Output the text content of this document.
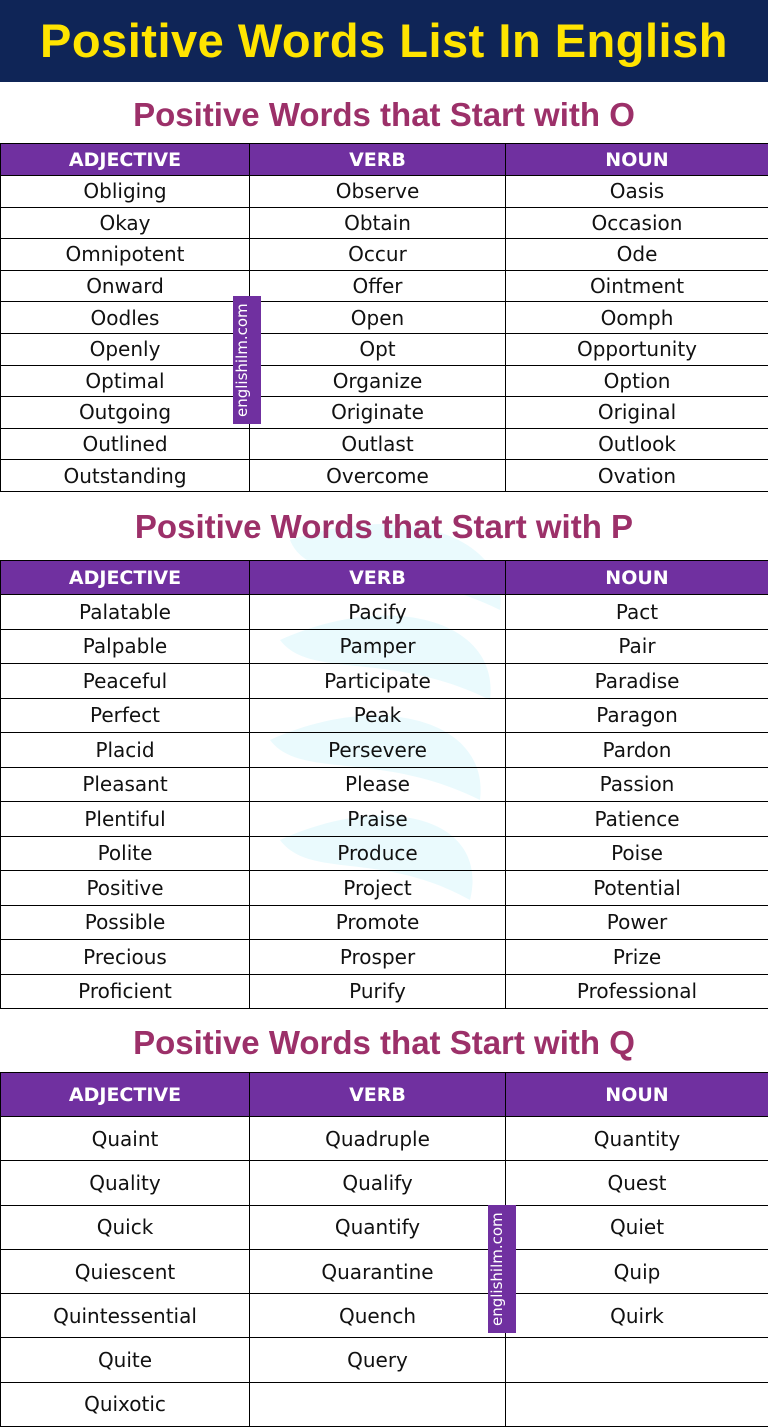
Positive Words List In English
Positive Words that Start with O
ADJECTIVE	VERB	NOUN
Obliging	Observe	Oasis
Okay	Obtain	Occasion
Omnipotent	Occur	Ode
Onward	Offer	Ointment
Oodles	Open	Oomph
Openly	Opt	Opportunity
Optimal	Organize	Option
Outgoing	Originate	Original
Outlined	Outlast	Outlook
Outstanding	Overcome	Ovation
Positive Words that Start with P
ADJECTIVE	VERB	NOUN
Palatable	Pacify	Pact
Palpable	Pamper	Pair
Peaceful	Participate	Paradise
Perfect	Peak	Paragon
Placid	Persevere	Pardon
Pleasant	Please	Passion
Plentiful	Praise	Patience
Polite	Produce	Poise
Positive	Project	Potential
Possible	Promote	Power
Precious	Prosper	Prize
Proficient	Purify	Professional
Positive Words that Start with Q
ADJECTIVE	VERB	NOUN
Quaint	Quadruple	Quantity
Quality	Qualify	Quest
Quick	Quantify	Quiet
Quiescent	Quarantine	Quip
Quintessential	Quench	Quirk
Quite	Query	
Quixotic		
englishilm.com
englishilm.com
